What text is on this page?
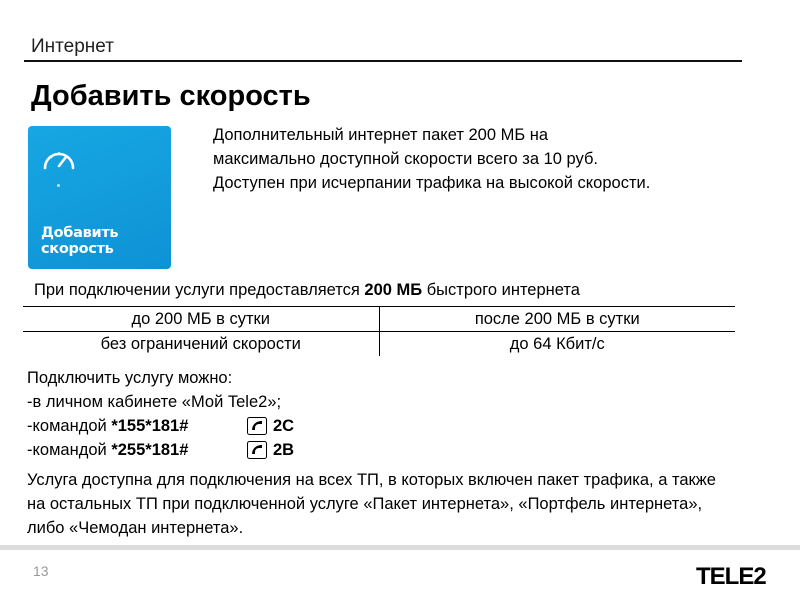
Интернет
Добавить скорость
Добавить
скорость
Дополнительный интернет пакет 200 МБ на
максимально доступной скорости всего за 10 руб.
Доступен при исчерпании трафика на высокой скорости.
При подключении услуги предоставляется 200 МБ быстрого интернета
до 200 МБ в сутки	после 200 МБ в сутки
без ограничений скорости	до 64 Кбит/с
Подключить услугу можно:
-в личном кабинете «Мой Tele2»;
-командой *155*181#	2C
-командой *255*181#	2B
Услуга доступна для подключения на всех ТП, в которых включен пакет трафика, а также на остальных ТП при подключенной услуге «Пакет интернета», «Портфель интернета», либо «Чемодан интернета».
13	TELE2
